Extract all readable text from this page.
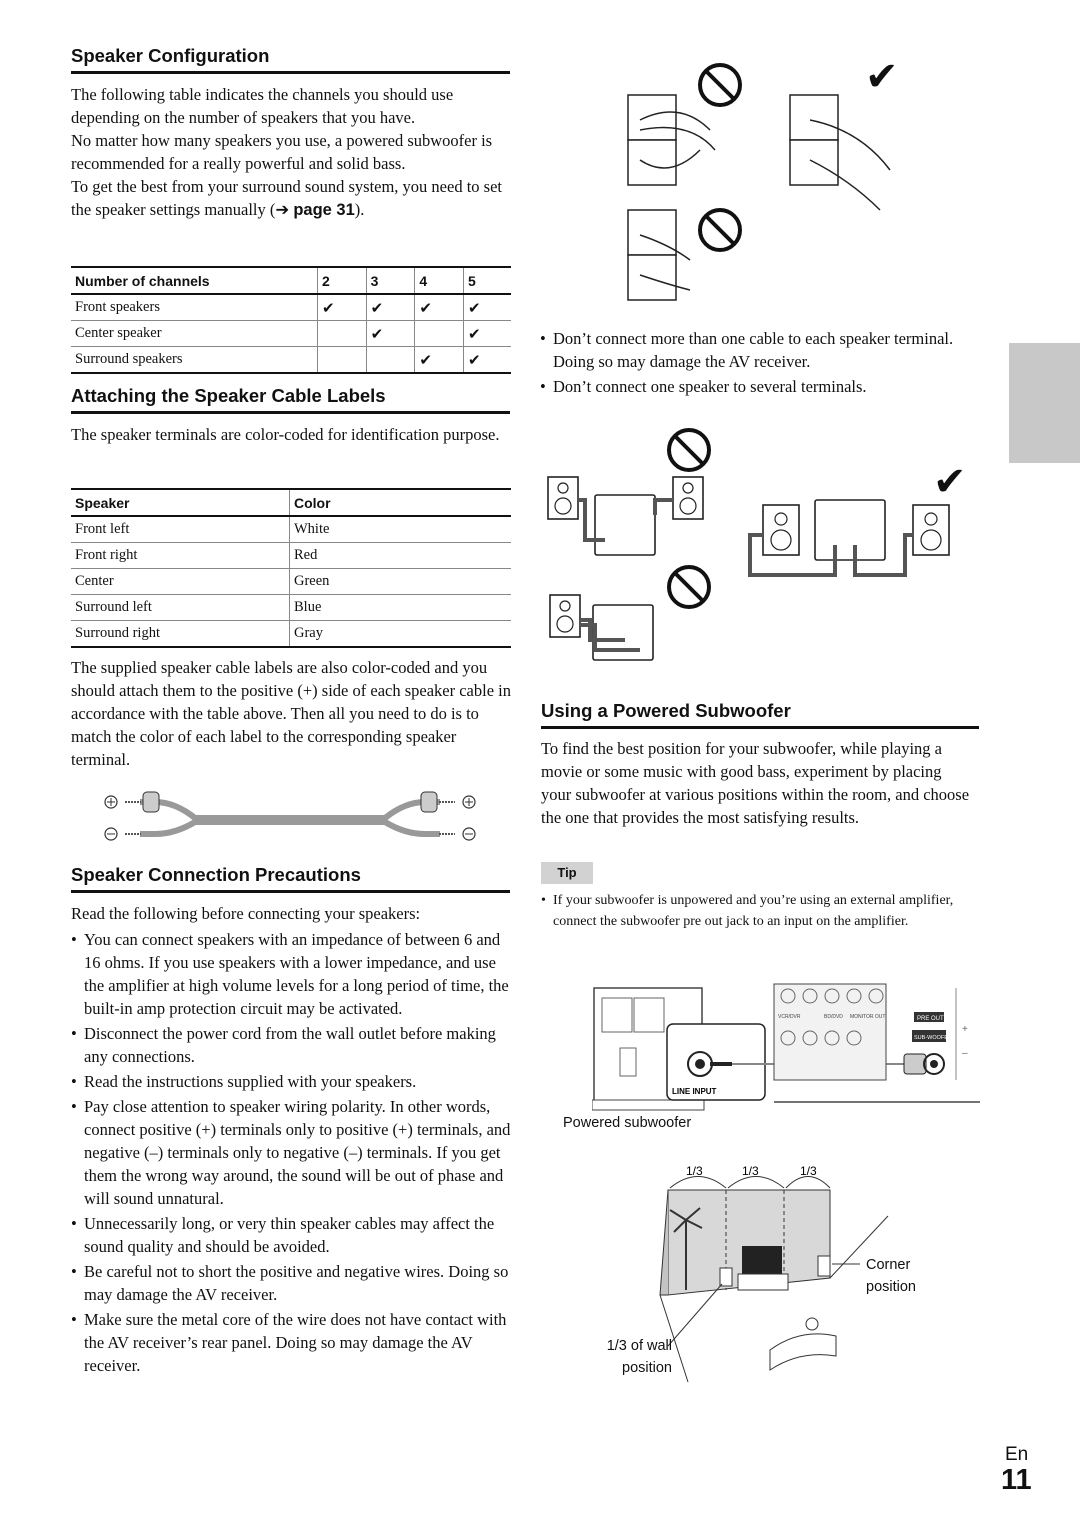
Speaker Configuration

The following table indicates the channels you should use depending on the number of speakers that you have.

No matter how many speakers you use, a powered subwoofer is recommended for a really powerful and solid bass.

To get the best from your surround sound system, you need to set the speaker settings manually (➔ page 31).

Number of channels	2	3	4	5
Front speakers	✔	✔	✔	✔
Center speaker		✔		✔
Surround speakers			✔	✔
Attaching the Speaker Cable Labels

The speaker terminals are color-coded for identification purpose.

Speaker	Color
Front left	White
Front right	Red
Center	Green
Surround left	Blue
Surround right	Gray

The supplied speaker cable labels are also color-coded and you should attach them to the positive (+) side of each speaker cable in accordance with the table above. Then all you need to do is to match the color of each label to the corresponding speaker terminal.

Speaker Connection Precautions

Read the following before connecting your speakers:

• You can connect speakers with an impedance of between 6 and 16 ohms. If you use speakers with a lower impedance, and use the amplifier at high volume levels for a long period of time, the built-in amp protection circuit may be activated.
• Disconnect the power cord from the wall outlet before making any connections.
• Read the instructions supplied with your speakers.
• Pay close attention to speaker wiring polarity. In other words, connect positive (+) terminals only to positive (+) terminals, and negative (–) terminals only to negative (–) terminals. If you get them the wrong way around, the sound will be out of phase and will sound unnatural.
• Unnecessarily long, or very thin speaker cables may affect the sound quality and should be avoided.
• Be careful not to short the positive and negative wires. Doing so may damage the AV receiver.
• Make sure the metal core of the wire does not have contact with the AV receiver’s rear panel. Doing so may damage the AV receiver.
✔
• Don’t connect more than one cable to each speaker terminal. Doing so may damage the AV receiver.
• Don’t connect one speaker to several terminals.
✔
Using a Powered Subwoofer

To find the best position for your subwoofer, while playing a movie or some music with good bass, experiment by placing your subwoofer at various positions within the room, and choose the one that provides the most satisfying results.

Tip
• If your subwoofer is unpowered and you’re using an external amplifier, connect the subwoofer pre out jack to an input on the amplifier.
LINE INPUT
VCR/DVR	BD/DVD MONITOR OUT	PRE OUT
SUB-WOOFER
+
–
Powered subwoofer
1/3	1/3	1/3
Corner position
1/3 of wall position
En
11
